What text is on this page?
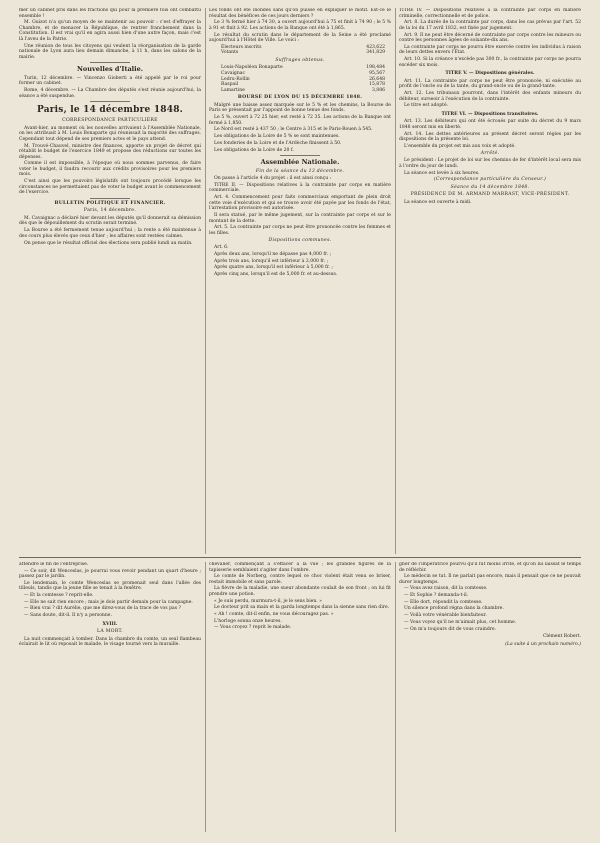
mer un cabinet pris dans les fractions qui pour la première fois ont combattu ensemble !

M. Guizot n'a qu'un moyen de se maintenir au pouvoir : c'est d'effrayer la Chambre, et de menacer la République, de rentrer franchement dans la Constitution. Il est vrai qu'il en agira aussi bien d'une autre façon, mais c'est là l'aveu de la Patrie.

Une réunion de tous les citoyens qui veulent la réorganisation de la garde nationale de Lyon aura lieu demain dimanche, à 11 h, dans les salons de la mairie.

Nouvelles d'Italie.

Turin, 12 décembre. — Vincenzo Gioberti a été appelé par le roi pour former un cabinet.

Rome, 4 décembre. — La Chambre des députés s'est réunie aujourd'hui, la séance a été suspendue.

Paris, le 14 décembre 1848.
CORRESPONDANCE PARTICULIÈRE

Avant-hier, au moment où les nouvelles arrivaient à l'Assemblée Nationale, on les attribuait à M. Louis Bonaparte qui réunissait la majorité des suffrages. Cependant tout dépend de ses premiers actes et le pays attend.

M. Trouvé-Chauvel, ministre des finances, apporte un projet de décret qui rétablit le budget de l'exercice 1849 et propose des réductions sur toutes les dépenses.

Comme il est impossible, à l'époque où nous sommes parvenus, de faire voter le budget, il faudra recourir aux crédits provisoires pour les premiers mois.

C'est ainsi que les pouvoirs législatifs ont toujours procédé lorsque les circonstances ne permettaient pas de voter le budget avant le commencement de l'exercice.

BULLETIN POLITIQUE ET FINANCIER.
Paris, 14 décembre.

M. Cavaignac a déclaré hier devant les députés qu'il donnerait sa démission dès que le dépouillement du scrutin serait terminé.

La Bourse a été fermement tenue aujourd'hui ; la rente a été maintenue à des cours plus élevés que ceux d'hier ; les affaires sont restées calmes.

On pense que le résultat officiel des élections sera publié lundi au matin.

Les fonds ont été inondés sans qu'on puisse en expliquer le motif. Est-ce le résultat des bénéfices de ces jours derniers ?

Le 3 % fermé hier à 74 30, a ouvert aujourd'hui à 75 et finit à 74 90 ; le 5 % à 91 et finit à 92. Les actions de la Banque ont été à 1,865.

Le résultat du scrutin dans le département de la Seine a été proclamé aujourd'hui à l'Hôtel de Ville. Le voici :

Électeurs inscrits	423,622
Votants	341,829
Suffrages obtenus.
Louis-Napoléon Bonaparte	198,484
Cavaignac	95,567
Ledru-Rollin	26,648
Raspail	15,878
Lamartine	3,886
BOURSE DE LYON DU 15 DÉCEMBRE 1848.

Malgré une baisse assez marquée sur le 5 % et les chemins, la Bourse de Paris se présentait par l'appoint de bonne tenue des fonds.

Le 5 %, ouvert à 72 25 hier, est resté à 72 35. Les actions de la Banque ont fermé à 1,850.

Le Nord est resté à 437 50 ; le Centre à 315 et le Paris-Rouen à 545.

Les obligations de la Loire de 5 % se sont maintenues.

Les fonderies de la Loire et de l'Ardèche finissent à 50.

Les obligations de la Loire de 20 f.

Assemblée Nationale.
Fin de la séance du 13 décembre.

On passe à l'article 4 du projet : il est ainsi conçu :

TITRE II. — Dispositions relatives à la contrainte par corps en matière commerciale.

Art. 4. Commencement pour faits commerciaux emportant de plein droit cette voie d'exécution et qui se trouve avoir été payée par les fonds de l'état, l'arrestation provisoire est autorisée.

Il sera statué, par le même jugement, sur la contrainte par corps et sur le montant de la dette.

Art. 5. La contrainte par corps ne peut être prononcée contre les femmes et les filles.

Dispositions communes.

Art. 6.

Après deux ans, lorsqu'il ne dépasse pas 4,000 fr. ;

Après trois ans, lorsqu'il est inférieur à 2,000 fr. ;

Après quatre ans, lorsqu'il est inférieur à 5,000 fr. ;

Après cinq ans, lorsqu'il est de 5,000 fr. et au-dessus.

TITRE IV. — Dispositions relatives à la contrainte par corps en matière criminelle, correctionnelle et de police.

Art. 8. La durée de la contrainte par corps, dans les cas prévus par l'art. 52 de la loi du 17 avril 1832, est fixée par jugement.

Art. 9. Il ne peut être décerné de contrainte par corps contre les mineurs ou contre les personnes âgées de soixante-dix ans.

La contrainte par corps ne pourra être exercée contre les individus à raison de leurs dettes envers l'État.

Art. 10. Si la créance n'excède pas 300 fr., la contrainte par corps ne pourra excéder six mois.

TITRE V. — Dispositions générales.

Art. 11. La contrainte par corps ne peut être prononcée, ni exécutée au profit de l'oncle ou de la tante, du grand-oncle ou de la grand-tante.

Art. 12. Les tribunaux pourront, dans l'intérêt des enfants mineurs du débiteur, surseoir à l'exécution de la contrainte.

Le titre est adopté.

TITRE VI. — Dispositions transitoires.

Art. 13. Les débiteurs qui ont été écroués par suite du décret du 9 mars 1848 seront mis en liberté.

Art. 14. Les dettes antérieures au présent décret seront régies par les dispositions de la présente loi.

L'ensemble du projet est mis aux voix et adopté.

Arrêté.

Le président : Le projet de loi sur les chemins de fer d'intérêt local sera mis à l'ordre du jour de lundi.

La séance est levée à six heures.

(Correspondance particulière du Censeur.)
Séance du 14 décembre 1848.
PRÉSIDENCE DE M. ARMAND MARRAST, VICE-PRÉSIDENT.

La séance est ouverte à midi.

attendre le fin de l'entreprise.

— Ce soir, dit Wenceslas, je pourrai vous revoir pendant un quart d'heure ; passez par le jardin.

Le lendemain, le comte Wenceslas se promenait seul dans l'allée des tilleuls, tandis que la jeune fille se tenait à la fenêtre.

— Et la comtesse ? reprit-elle.

— Elle ne sait rien encore ; mais je dois partir demain pour la campagne.

— Bien vrai ? dit Aurélie, que me direz-vous de la trace de vos pas ?

— Sans doute, dit-il. Il n'y a personne.

XVIII.
LA MORT.

La nuit commençait à tomber. Dans la chambre du comte, un seul flambeau éclairait le lit où reposait le malade, le visage tourné vers la muraille.

chevalier, commençant à s'effacer à la vue ; les grandes figures de la tapisserie semblaient s'agiter dans l'ombre.

Le comte de Norberg, contre lequel ce choc violent était venu se briser, restait immobile et sans parole.

La fièvre de la maladie, une sueur abondante coulait de son front ; on lui fit prendre une potion.

« Je suis perdu, murmura-t-il, je le sens bien. »

Le docteur prit sa main et la garda longtemps dans la sienne sans rien dire.

« Ah ! comte, dit-il enfin, ne vous découragez pas. »

L'horloge sonna onze heures.

— Vous croyez ? reprit le malade.

gner de l'impératrice pourvu qu'il fût moins irrité, et qu'on lui laissât le temps de réfléchir.

Le médecin se tut. Il ne parlait pas encore, mais il pensait que ce ne pouvait durer longtemps.

— Vous avez raison, dit la comtesse.

— Et Sophie ? demanda-t-il.

— Elle dort, répondit la comtesse.

Un silence profond régna dans la chambre.

— Voilà votre vénérable bienfaiteur.

— Vous voyez qu'il ne m'aimait plus, cet homme.

— On m'a toujours dit de vous craindre.

Clément Robert.

(La suite à un prochain numéro.)
